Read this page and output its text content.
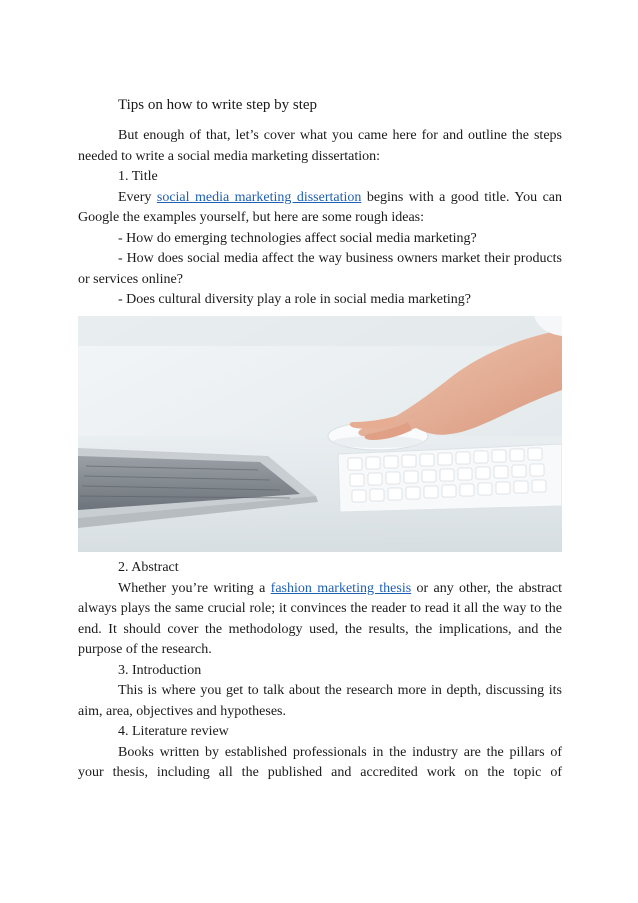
Tips on how to write step by step

But enough of that, let’s cover what you came here for and outline the steps needed to write a social media marketing dissertation:

1. Title

Every social media marketing dissertation begins with a good title. You can Google the examples yourself, but here are some rough ideas:

- How do emerging technologies affect social media marketing?

- How does social media affect the way business owners market their products or services online?

- Does cultural diversity play a role in social media marketing?

2. Abstract

Whether you’re writing a fashion marketing thesis or any other, the abstract always plays the same crucial role; it convinces the reader to read it all the way to the end. It should cover the methodology used, the results, the implications, and the purpose of the research.

3. Introduction

This is where you get to talk about the research more in depth, discussing its aim, area, objectives and hypotheses.

4. Literature review

Books written by established professionals in the industry are the pillars of your thesis, including all the published and accredited work on the topic of
